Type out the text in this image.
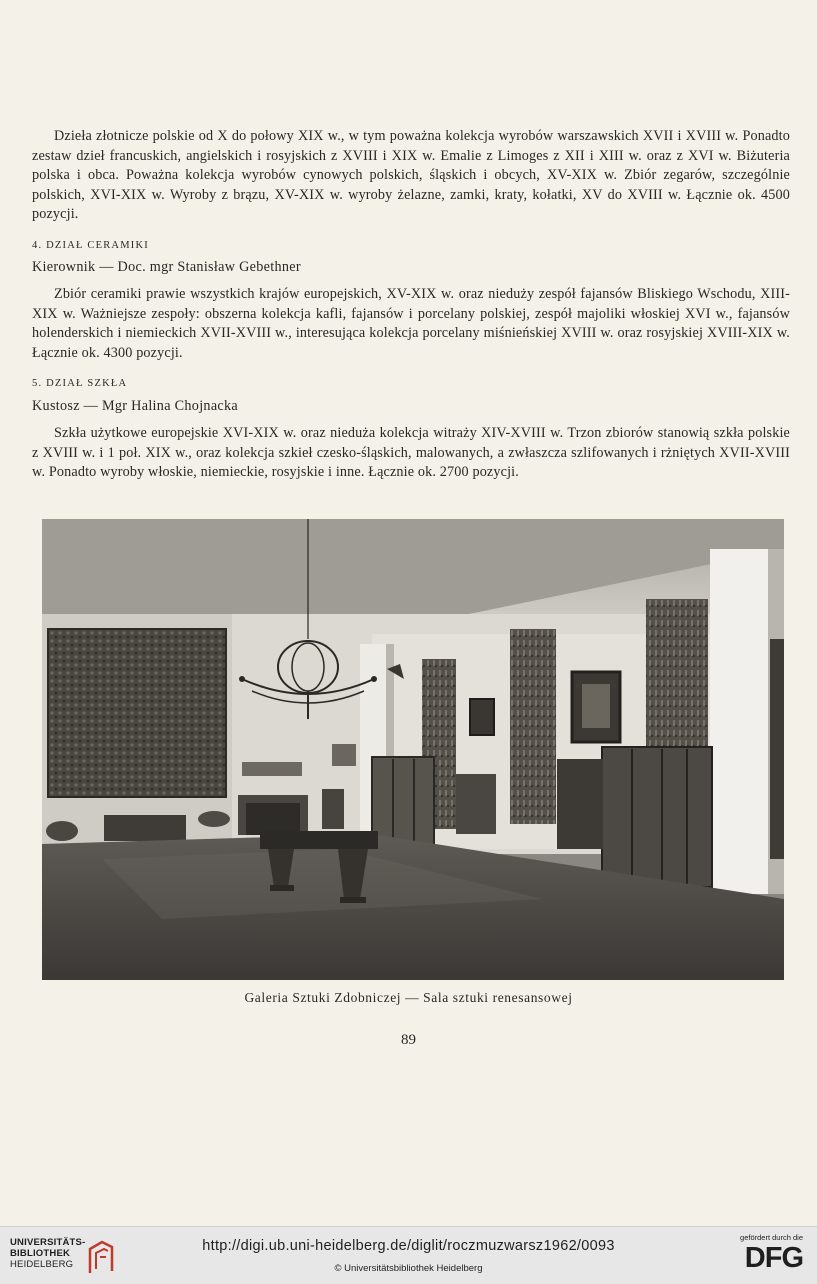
Dzieła złotnicze polskie od X do połowy XIX w., w tym poważna kolekcja wyrobów warszawskich XVII i XVIII w. Ponadto zestaw dzieł francuskich, angielskich i rosyjskich z XVIII i XIX w. Emalie z Limoges z XII i XIII w. oraz z XVI w. Biżuteria polska i obca. Poważna kolekcja wyrobów cynowych polskich, śląskich i obcych, XV-XIX w. Zbiór zegarów, szczególnie polskich, XVI-XIX w. Wyroby z brązu, XV-XIX w. wyroby żelazne, zamki, kraty, kołatki, XV do XVIII w. Łącznie ok. 4500 pozycji.

4. DZIAŁ CERAMIKI

Kierownik — Doc. mgr Stanisław Gebethner

Zbiór ceramiki prawie wszystkich krajów europejskich, XV-XIX w. oraz nieduży zespół fajansów Bliskiego Wschodu, XIII-XIX w. Ważniejsze zespoły: obszerna kolekcja kafli, fajansów i porcelany polskiej, zespół majoliki włoskiej XVI w., fajansów holenderskich i niemieckich XVII-XVIII w., interesująca kolekcja porcelany miśnieńskiej XVIII w. oraz rosyjskiej XVIII-XIX w. Łącznie ok. 4300 pozycji.

5. DZIAŁ SZKŁA

Kustosz — Mgr Halina Chojnacka

Szkła użytkowe europejskie XVI-XIX w. oraz nieduża kolekcja witraży XIV-XVIII w. Trzon zbiorów stanowią szkła polskie z XVIII w. i 1 poł. XIX w., oraz kolekcja szkieł czesko-śląskich, malowanych, a zwłaszcza szlifowanych i rżniętych XVII-XVIII w. Ponadto wyroby włoskie, niemieckie, rosyjskie i inne. Łącznie ok. 2700 pozycji.

Galeria Sztuki Zdobniczej — Sala sztuki renesansowej

89

UNIVERSITÄTS-
BIBLIOTHEK
HEIDELBERG
http://digi.ub.uni-heidelberg.de/diglit/roczmuzwarsz1962/0093
© Universitätsbibliothek Heidelberg
gefördert durch die
DFG
